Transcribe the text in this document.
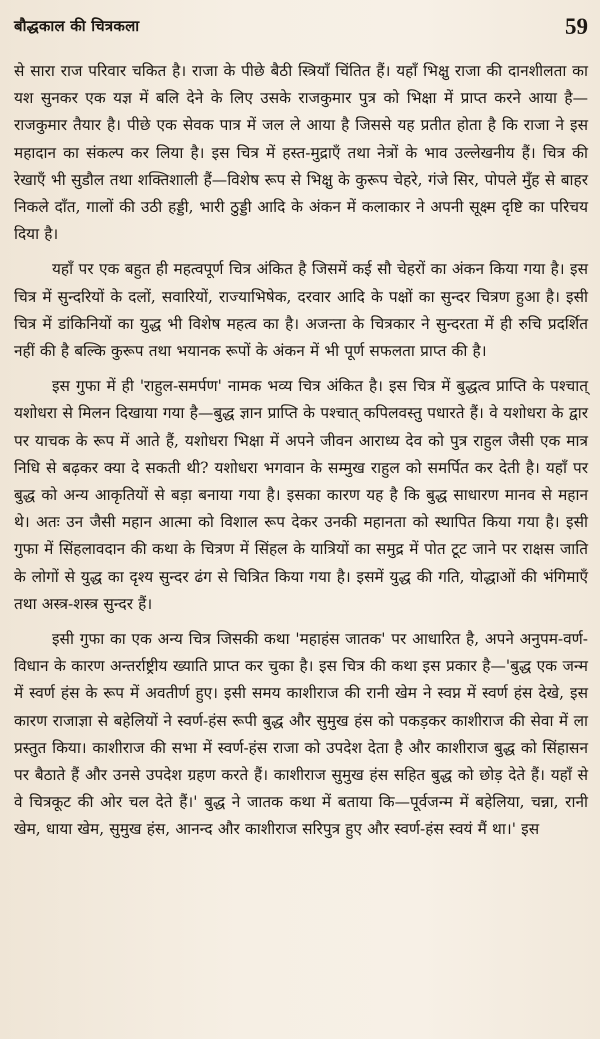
बौद्धकाल की चित्रकला	59

से सारा राज परिवार चकित है। राजा के पीछे बैठी स्त्रियाँ चिंतित हैं। यहाँ भिक्षु राजा की दानशीलता का यश सुनकर एक यज्ञ में बलि देने के लिए उसके राजकुमार पुत्र को भिक्षा में प्राप्त करने आया है—राजकुमार तैयार है। पीछे एक सेवक पात्र में जल ले आया है जिससे यह प्रतीत होता है कि राजा ने इस महादान का संकल्प कर लिया है। इस चित्र में हस्त-मुद्राएँ तथा नेत्रों के भाव उल्लेखनीय हैं। चित्र की रेखाएँ भी सुडौल तथा शक्तिशाली हैं—विशेष रूप से भिक्षु के कुरूप चेहरे, गंजे सिर, पोपले मुँह से बाहर निकले दाँत, गालों की उठी हड्डी, भारी ठुड्डी आदि के अंकन में कलाकार ने अपनी सूक्ष्म दृष्टि का परिचय दिया है।

यहाँ पर एक बहुत ही महत्वपूर्ण चित्र अंकित है जिसमें कई सौ चेहरों का अंकन किया गया है। इस चित्र में सुन्दरियों के दलों, सवारियों, राज्याभिषेक, दरवार आदि के पक्षों का सुन्दर चित्रण हुआ है। इसी चित्र में डांकिनियों का युद्ध भी विशेष महत्व का है। अजन्ता के चित्रकार ने सुन्दरता में ही रुचि प्रदर्शित नहीं की है बल्कि कुरूप तथा भयानक रूपों के अंकन में भी पूर्ण सफलता प्राप्त की है।

इस गुफा में ही 'राहुल-समर्पण' नामक भव्य चित्र अंकित है। इस चित्र में बुद्धत्व प्राप्ति के पश्चात् यशोधरा से मिलन दिखाया गया है—बुद्ध ज्ञान प्राप्ति के पश्चात् कपिलवस्तु पधारते हैं। वे यशोधरा के द्वार पर याचक के रूप में आते हैं, यशोधरा भिक्षा में अपने जीवन आराध्य देव को पुत्र राहुल जैसी एक मात्र निधि से बढ़कर क्या दे सकती थी? यशोधरा भगवान के सम्मुख राहुल को समर्पित कर देती है। यहाँ पर बुद्ध को अन्य आकृतियों से बड़ा बनाया गया है। इसका कारण यह है कि बुद्ध साधारण मानव से महान थे। अतः उन जैसी महान आत्मा को विशाल रूप देकर उनकी महानता को स्थापित किया गया है। इसी गुफा में सिंहलावदान की कथा के चित्रण में सिंहल के यात्रियों का समुद्र में पोत टूट जाने पर राक्षस जाति के लोगों से युद्ध का दृश्य सुन्दर ढंग से चित्रित किया गया है। इसमें युद्ध की गति, योद्धाओं की भंगिमाएँ तथा अस्त्र-शस्त्र सुन्दर हैं।

इसी गुफा का एक अन्य चित्र जिसकी कथा 'महाहंस जातक' पर आधारित है, अपने अनुपम-वर्ण-विधान के कारण अन्तर्राष्ट्रीय ख्याति प्राप्त कर चुका है। इस चित्र की कथा इस प्रकार है—'बुद्ध एक जन्म में स्वर्ण हंस के रूप में अवतीर्ण हुए। इसी समय काशीराज की रानी खेम ने स्वप्न में स्वर्ण हंस देखे, इस कारण राजाज्ञा से बहेलियों ने स्वर्ण-हंस रूपी बुद्ध और सुमुख हंस को पकड़कर काशीराज की सेवा में ला प्रस्तुत किया। काशीराज की सभा में स्वर्ण-हंस राजा को उपदेश देता है और काशीराज बुद्ध को सिंहासन पर बैठाते हैं और उनसे उपदेश ग्रहण करते हैं। काशीराज सुमुख हंस सहित बुद्ध को छोड़ देते हैं। यहाँ से वे चित्रकूट की ओर चल देते हैं।' बुद्ध ने जातक कथा में बताया कि—पूर्वजन्म में बहेलिया, चन्ना, रानी खेम, धाया खेम, सुमुख हंस, आनन्द और काशीराज सरिपुत्र हुए और स्वर्ण-हंस स्वयं मैं था।' इस
